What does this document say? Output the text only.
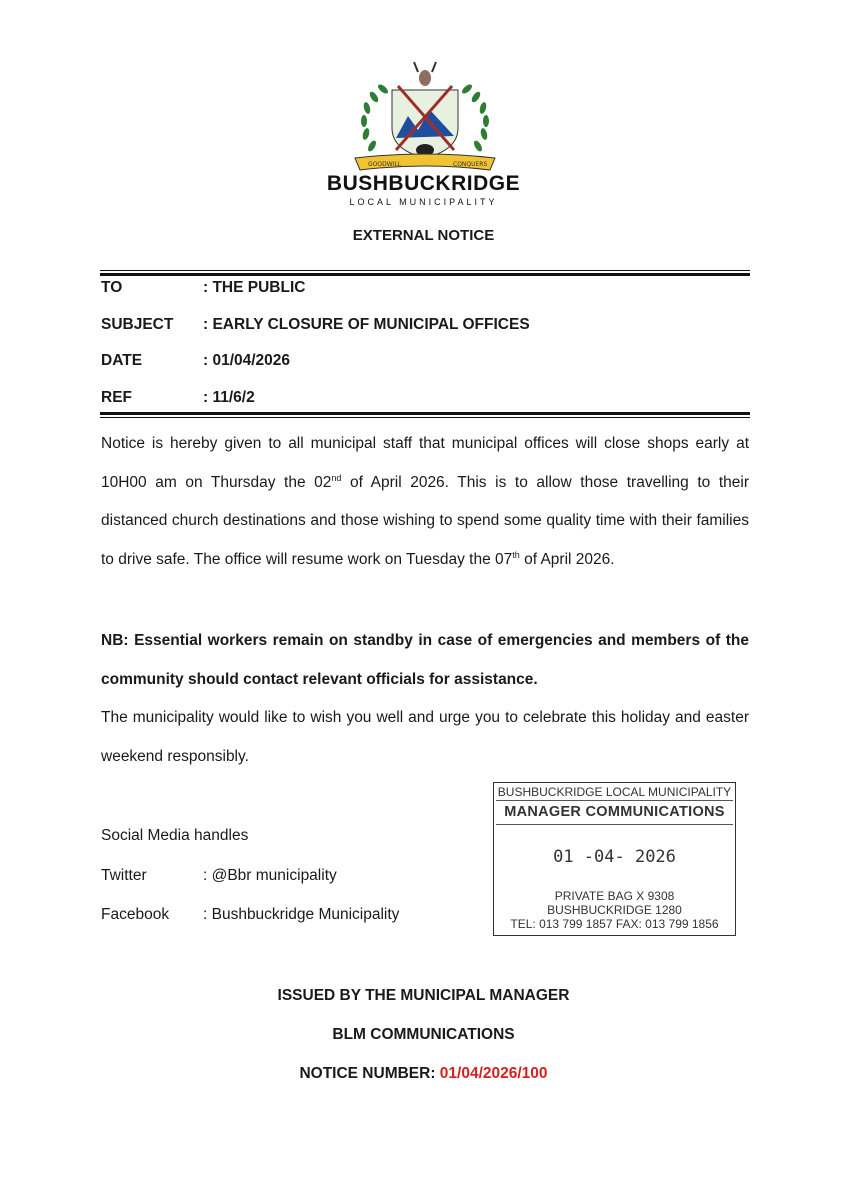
GOODWILL	CONQUERS
BUSHBUCKRIDGE
LOCAL MUNICIPALITY
EXTERNAL NOTICE
TO	: THE PUBLIC
SUBJECT : EARLY CLOSURE OF MUNICIPAL OFFICES
DATE	: 01/04/2026
REF	: 11/6/2
Notice is hereby given to all municipal staff that municipal offices will close shops early at 10H00 am on Thursday the 02nd of April 2026. This is to allow those travelling to their distanced church destinations and those wishing to spend some quality time with their families to drive safe. The office will resume work on Tuesday the 07th of April 2026.
NB: Essential workers remain on standby in case of emergencies and members of the community should contact relevant officials for assistance.
The municipality would like to wish you well and urge you to celebrate this holiday and easter weekend responsibly.
Social Media handles
Twitter	: @Bbr municipality
Facebook : Bushbuckridge Municipality
BUSHBUCKRIDGE LOCAL MUNICIPALITY
MANAGER COMMUNICATIONS
01 -04- 2026
PRIVATE BAG X 9308
BUSHBUCKRIDGE 1280
TEL: 013 799 1857 FAX: 013 799 1856
ISSUED BY THE MUNICIPAL MANAGER
BLM COMMUNICATIONS
NOTICE NUMBER: 01/04/2026/100
